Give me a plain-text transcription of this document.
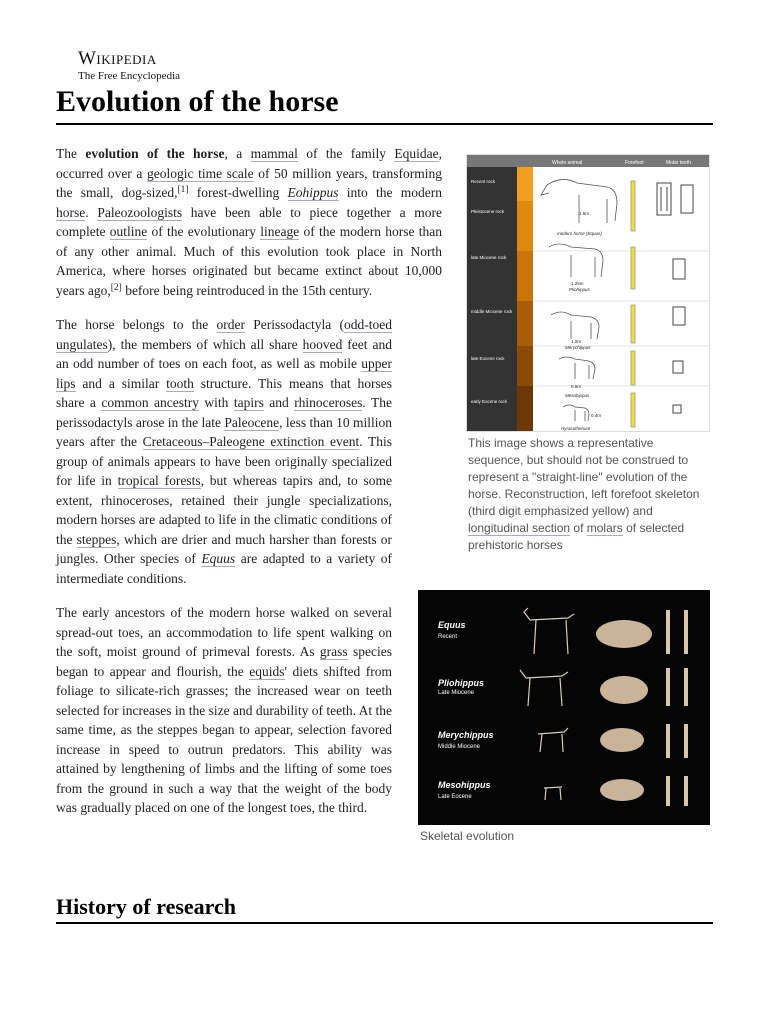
Wikipedia
The Free Encyclopedia
Evolution of the horse

The evolution of the horse, a mammal of the family Equidae, occurred over a geologic time scale of 50 million years, transforming the small, dog-sized,[1] forest-dwelling Eohippus into the modern horse. Paleozoologists have been able to piece together a more complete outline of the evolutionary lineage of the modern horse than of any other animal. Much of this evolution took place in North America, where horses originated but became extinct about 10,000 years ago,[2] before being reintroduced in the 15th century.

The horse belongs to the order Perissodactyla (odd-toed ungulates), the members of which all share hooved feet and an odd number of toes on each foot, as well as mobile upper lips and a similar tooth structure. This means that horses share a common ancestry with tapirs and rhinoceroses. The perissodactyls arose in the late Paleocene, less than 10 million years after the Cretaceous–Paleogene extinction event. This group of animals appears to have been originally specialized for life in tropical forests, but whereas tapirs and, to some extent, rhinoceroses, retained their jungle specializations, modern horses are adapted to life in the climatic conditions of the steppes, which are drier and much harsher than forests or jungles. Other species of Equus are adapted to a variety of intermediate conditions.

The early ancestors of the modern horse walked on several spread-out toes, an accommodation to life spent walking on the soft, moist ground of primeval forests. As grass species began to appear and flourish, the equids' diets shifted from foliage to silicate-rich grasses; the increased wear on teeth selected for increases in the size and durability of teeth. At the same time, as the steppes began to appear, selection favored increase in speed to outrun predators. This ability was attained by lengthening of limbs and the lifting of some toes from the ground in such a way that the weight of the body was gradually placed on one of the longest toes, the third.

Whole animal	Forefoot	Molar teeth
Recent rock
Pleistocene rock
late Miocene rock
middle Miocene rock
late Eocene rock
early Eocene rock
modern horse (Equus)
1.6m
Pliohippus
1.25m
Merychippus
1.0m
Mesohippus
0.6m
Hyracotherium
0.4m
This image shows a representative sequence, but should not be construed to represent a "straight-line" evolution of the horse. Reconstruction, left forefoot skeleton (third digit emphasized yellow) and longitudinal section of molars of selected prehistoric horses
Equus
Recent
Pliohippus
Late Miocene
Merychippus
Middle Miocene
Mesohippus
Late Eocene
Skeletal evolution
History of research
